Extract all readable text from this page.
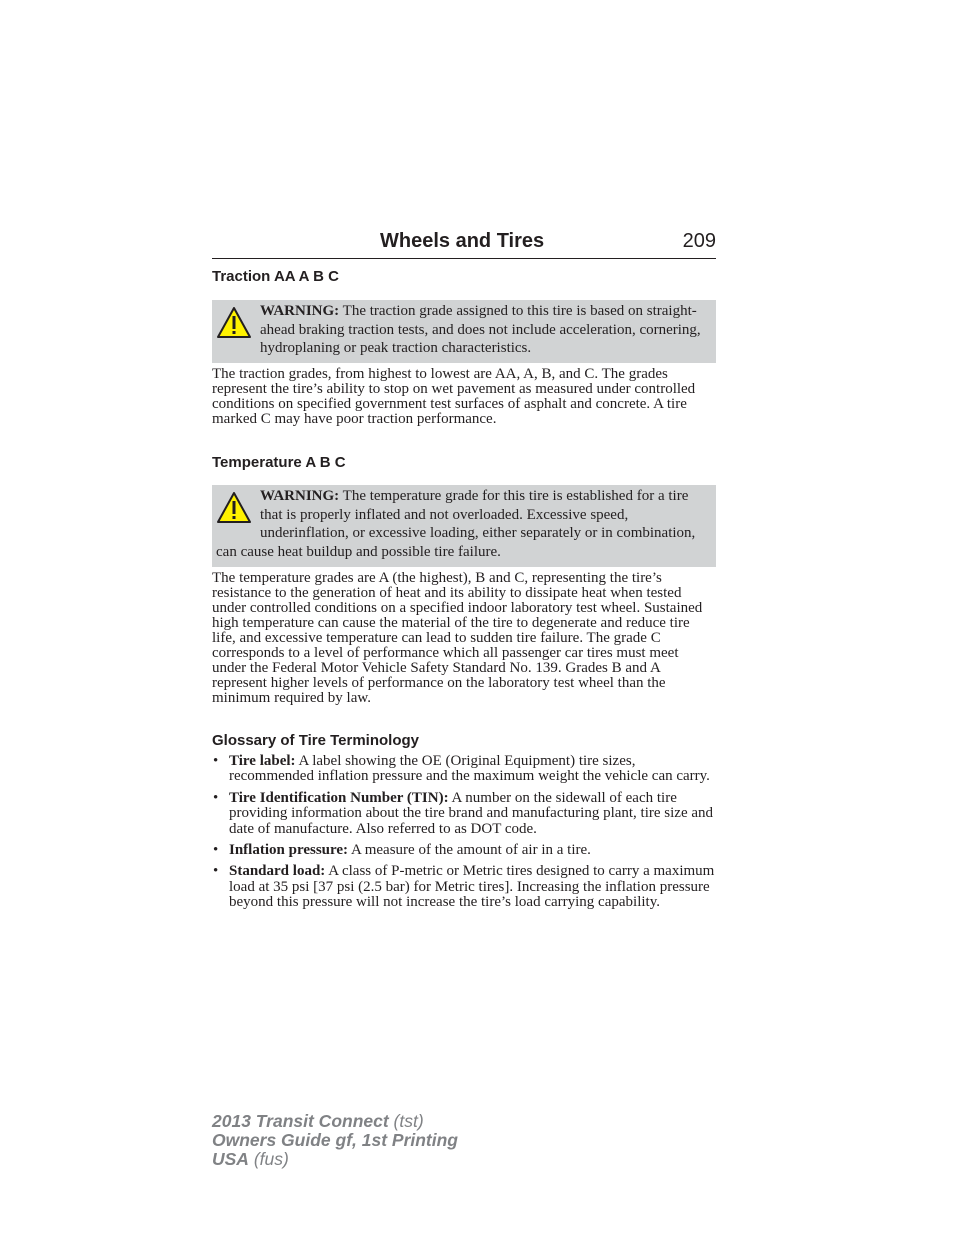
Wheels and Tires	209
Traction AA A B C
WARNING: The traction grade assigned to this tire is based on straight-ahead braking traction tests, and does not include acceleration, cornering, hydroplaning or peak traction characteristics.
The traction grades, from highest to lowest are AA, A, B, and C. The grades represent the tire’s ability to stop on wet pavement as measured under controlled conditions on specified government test surfaces of asphalt and concrete. A tire marked C may have poor traction performance.
Temperature A B C
WARNING: The temperature grade for this tire is established for a tire that is properly inflated and not overloaded. Excessive speed, underinflation, or excessive loading, either separately or in combination, can cause heat buildup and possible tire failure.
The temperature grades are A (the highest), B and C, representing the tire’s resistance to the generation of heat and its ability to dissipate heat when tested under controlled conditions on a specified indoor laboratory test wheel. Sustained high temperature can cause the material of the tire to degenerate and reduce tire life, and excessive temperature can lead to sudden tire failure. The grade C corresponds to a level of performance which all passenger car tires must meet under the Federal Motor Vehicle Safety Standard No. 139. Grades B and A represent higher levels of performance on the laboratory test wheel than the minimum required by law.
Glossary of Tire Terminology
• Tire label: A label showing the OE (Original Equipment) tire sizes, recommended inflation pressure and the maximum weight the vehicle can carry.
• Tire Identification Number (TIN): A number on the sidewall of each tire providing information about the tire brand and manufacturing plant, tire size and date of manufacture. Also referred to as DOT code.
• Inflation pressure: A measure of the amount of air in a tire.
• Standard load: A class of P-metric or Metric tires designed to carry a maximum load at 35 psi [37 psi (2.5 bar) for Metric tires]. Increasing the inflation pressure beyond this pressure will not increase the tire’s load carrying capability.
2013 Transit Connect (tst)
Owners Guide gf, 1st Printing
USA (fus)
